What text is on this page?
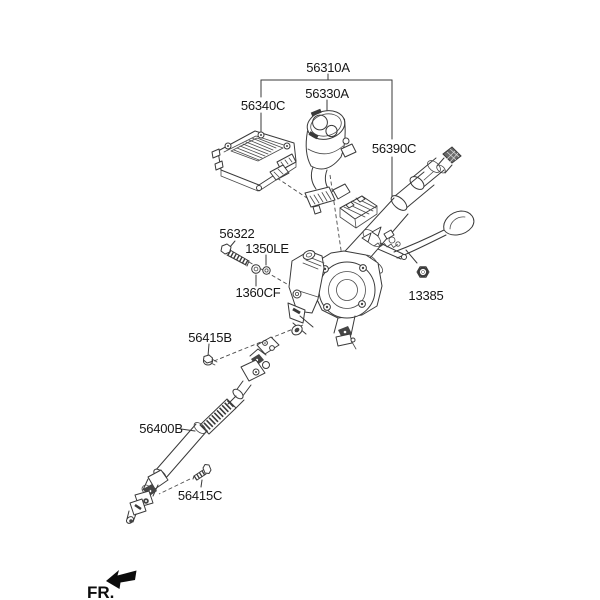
56310A
56330A
56340C
56390C
56322
1350LE
1360CF	13385
56415B
56400B
56415C
FR.
